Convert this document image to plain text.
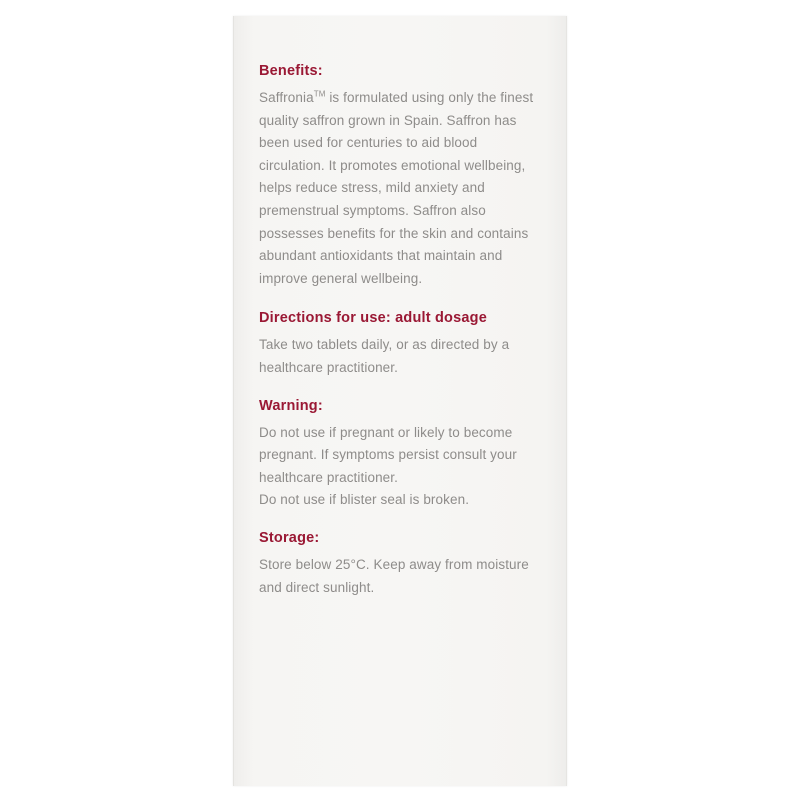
Benefits:

Saffronia™ is formulated using only the finest quality saffron grown in Spain. Saffron has been used for centuries to aid blood circulation. It promotes emotional wellbeing, helps reduce stress, mild anxiety and premenstrual symptoms. Saffron also possesses benefits for the skin and contains abundant antioxidants that maintain and improve general wellbeing.

Directions for use: adult dosage

Take two tablets daily, or as directed by a healthcare practitioner.

Warning:

Do not use if pregnant or likely to become pregnant. If symptoms persist consult your healthcare practitioner.

Do not use if blister seal is broken.

Storage:

Store below 25°C. Keep away from moisture and direct sunlight.
